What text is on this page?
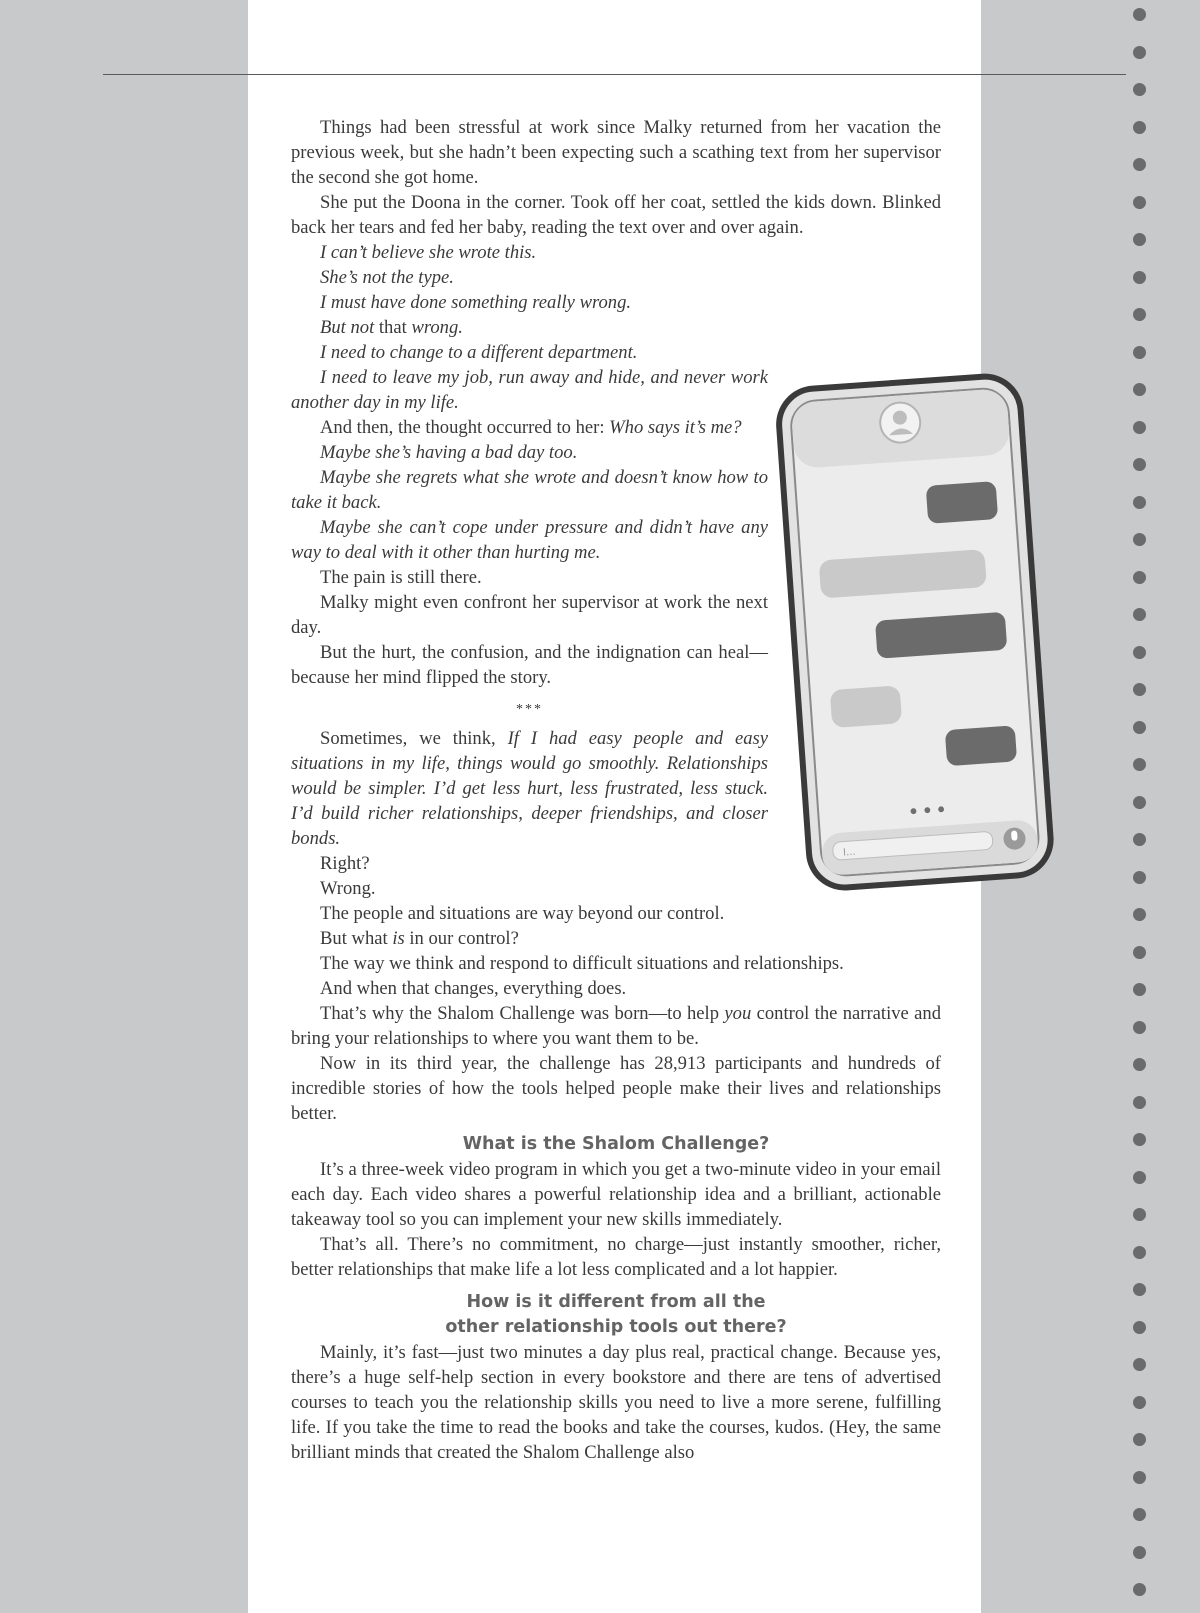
Things had been stressful at work since Malky returned from her vacation the previous week, but she hadn’t been expecting such a scathing text from her supervisor the second she got home.

She put the Doona in the corner. Took off her coat, settled the kids down. Blinked back her tears and fed her baby, reading the text over and over again.

I can’t believe she wrote this.

She’s not the type.

I must have done something really wrong.

But not that wrong.

I need to change to a different department.

I need to leave my job, run away and hide, and never work another day in my life.

And then, the thought occurred to her: Who says it’s me?

Maybe she’s having a bad day too.

Maybe she regrets what she wrote and doesn’t know how to take it back.

Maybe she can’t cope under pressure and didn’t have any way to deal with it other than hurting me.

The pain is still there.

Malky might even confront her supervisor at work the next day.

But the hurt, the confusion, and the indignation can heal—because her mind flipped the story.

***

Sometimes, we think, If I had easy people and easy situations in my life, things would go smoothly. Relationships would be simpler. I’d get less hurt, less frustrated, less stuck. I’d build richer relationships, deeper friendships, and closer bonds.

Right?

Wrong.

The people and situations are way beyond our control.

But what is in our control?

The way we think and respond to difficult situations and relationships.

And when that changes, everything does.

That’s why the Shalom Challenge was born—to help you control the narrative and bring your relationships to where you want them to be.

Now in its third year, the challenge has 28,913 participants and hundreds of incredible stories of how the tools helped people make their lives and relationships better.

What is the Shalom Challenge?

It’s a three-week video program in which you get a two-minute video in your email each day. Each video shares a powerful relationship idea and a brilliant, actionable takeaway tool so you can implement your new skills immediately.

That’s all. There’s no commitment, no charge—just instantly smoother, richer, better relationships that make life a lot less complicated and a lot happier.

How is it different from all the
other relationship tools out there?

Mainly, it’s fast—just two minutes a day plus real, practical change. Because yes, there’s a huge self-help section in every bookstore and there are tens of advertised courses to teach you the relationship skills you need to live a more serene, fulfilling life. If you take the time to read the books and take the courses, kudos. (Hey, the same brilliant minds that created the Shalom Challenge also

•••
I...
